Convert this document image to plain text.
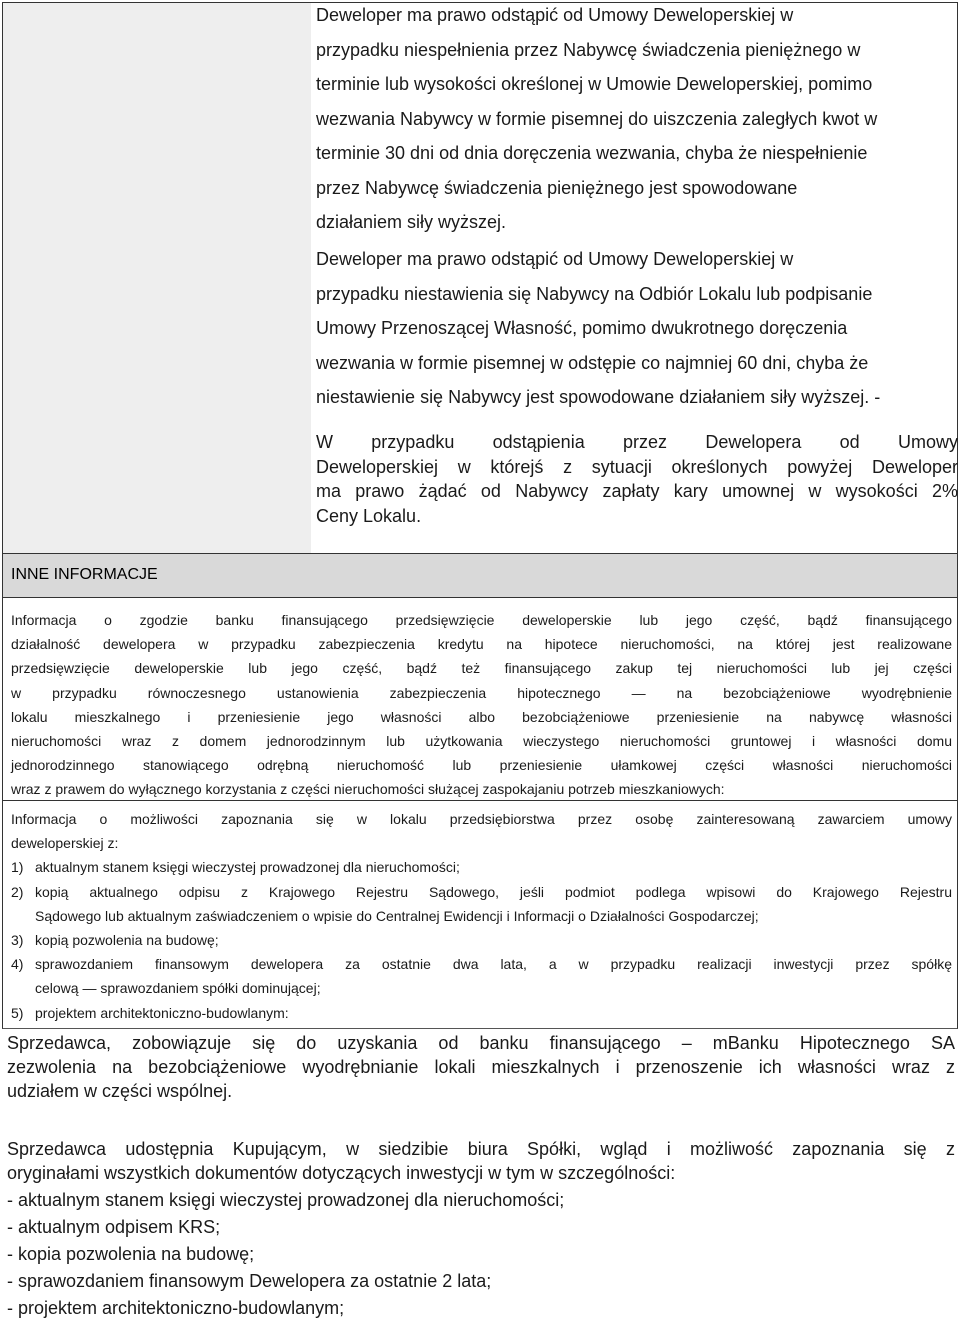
Deweloper ma prawo odstąpić od Umowy Deweloperskiej w
przypadku niespełnienia przez Nabywcę świadczenia pieniężnego w
terminie lub wysokości określonej w Umowie Deweloperskiej, pomimo
wezwania Nabywcy w formie pisemnej do uiszczenia zaległych kwot w
terminie 30 dni od dnia doręczenia wezwania, chyba że niespełnienie
przez Nabywcę świadczenia pieniężnego jest spowodowane
działaniem siły wyższej.
Deweloper ma prawo odstąpić od Umowy Deweloperskiej w
przypadku niestawienia się Nabywcy na Odbiór Lokalu lub podpisanie
Umowy Przenoszącej Własność, pomimo dwukrotnego doręczenia
wezwania w formie pisemnej w odstępie co najmniej 60 dni, chyba że
niestawienie się Nabywcy jest spowodowane działaniem siły wyższej. -
W przypadku odstąpienia przez Dewelopera od Umowy
Deweloperskiej w którejś z sytuacji określonych powyżej Deweloper
ma prawo żądać od Nabywcy zapłaty kary umownej w wysokości 2%
Ceny Lokalu.
INNE INFORMACJE
Informacja o zgodzie banku finansującego przedsięwzięcie deweloperskie lub jego część, bądź finansującego
działalność dewelopera w przypadku zabezpieczenia kredytu na hipotece nieruchomości, na której jest realizowane
przedsięwzięcie deweloperskie lub jego część, bądź też finansującego zakup tej nieruchomości lub jej części
w przypadku równoczesnego ustanowienia zabezpieczenia hipotecznego — na bezobciążeniowe wyodrębnienie
lokalu mieszkalnego i przeniesienie jego własności albo bezobciążeniowe przeniesienie na nabywcę własności
nieruchomości wraz z domem jednorodzinnym lub użytkowania wieczystego nieruchomości gruntowej i własności domu
jednorodzinnego stanowiącego odrębną nieruchomość lub przeniesienie ułamkowej części własności nieruchomości
wraz z prawem do wyłącznego korzystania z części nieruchomości służącej zaspokajaniu potrzeb mieszkaniowych:
Informacja o możliwości zapoznania się w lokalu przedsiębiorstwa przez osobę zainteresowaną zawarciem umowy
deweloperskiej z:
1) aktualnym stanem księgi wieczystej prowadzonej dla nieruchomości;
2) kopią aktualnego odpisu z Krajowego Rejestru Sądowego, jeśli podmiot podlega wpisowi do Krajowego Rejestru
Sądowego lub aktualnym zaświadczeniem o wpisie do Centralnej Ewidencji i Informacji o Działalności Gospodarczej;
3) kopią pozwolenia na budowę;
4) sprawozdaniem finansowym dewelopera za ostatnie dwa lata, a w przypadku realizacji inwestycji przez spółkę
celową — sprawozdaniem spółki dominującej;
5) projektem architektoniczno-budowlanym:
Sprzedawca, zobowiązuje się do uzyskania od banku finansującego – mBanku Hipotecznego SA
zezwolenia na bezobciążeniowe wyodrębnianie lokali mieszkalnych i przenoszenie ich własności wraz z
udziałem w części wspólnej.
Sprzedawca udostępnia Kupującym, w siedzibie biura Spółki, wgląd i możliwość zapoznania się z
oryginałami wszystkich dokumentów dotyczących inwestycji w tym w szczególności:
- aktualnym stanem księgi wieczystej prowadzonej dla nieruchomości;
- aktualnym odpisem KRS;
- kopia pozwolenia na budowę;
- sprawozdaniem finansowym Dewelopera za ostatnie 2 lata;
- projektem architektoniczno-budowlanym;
